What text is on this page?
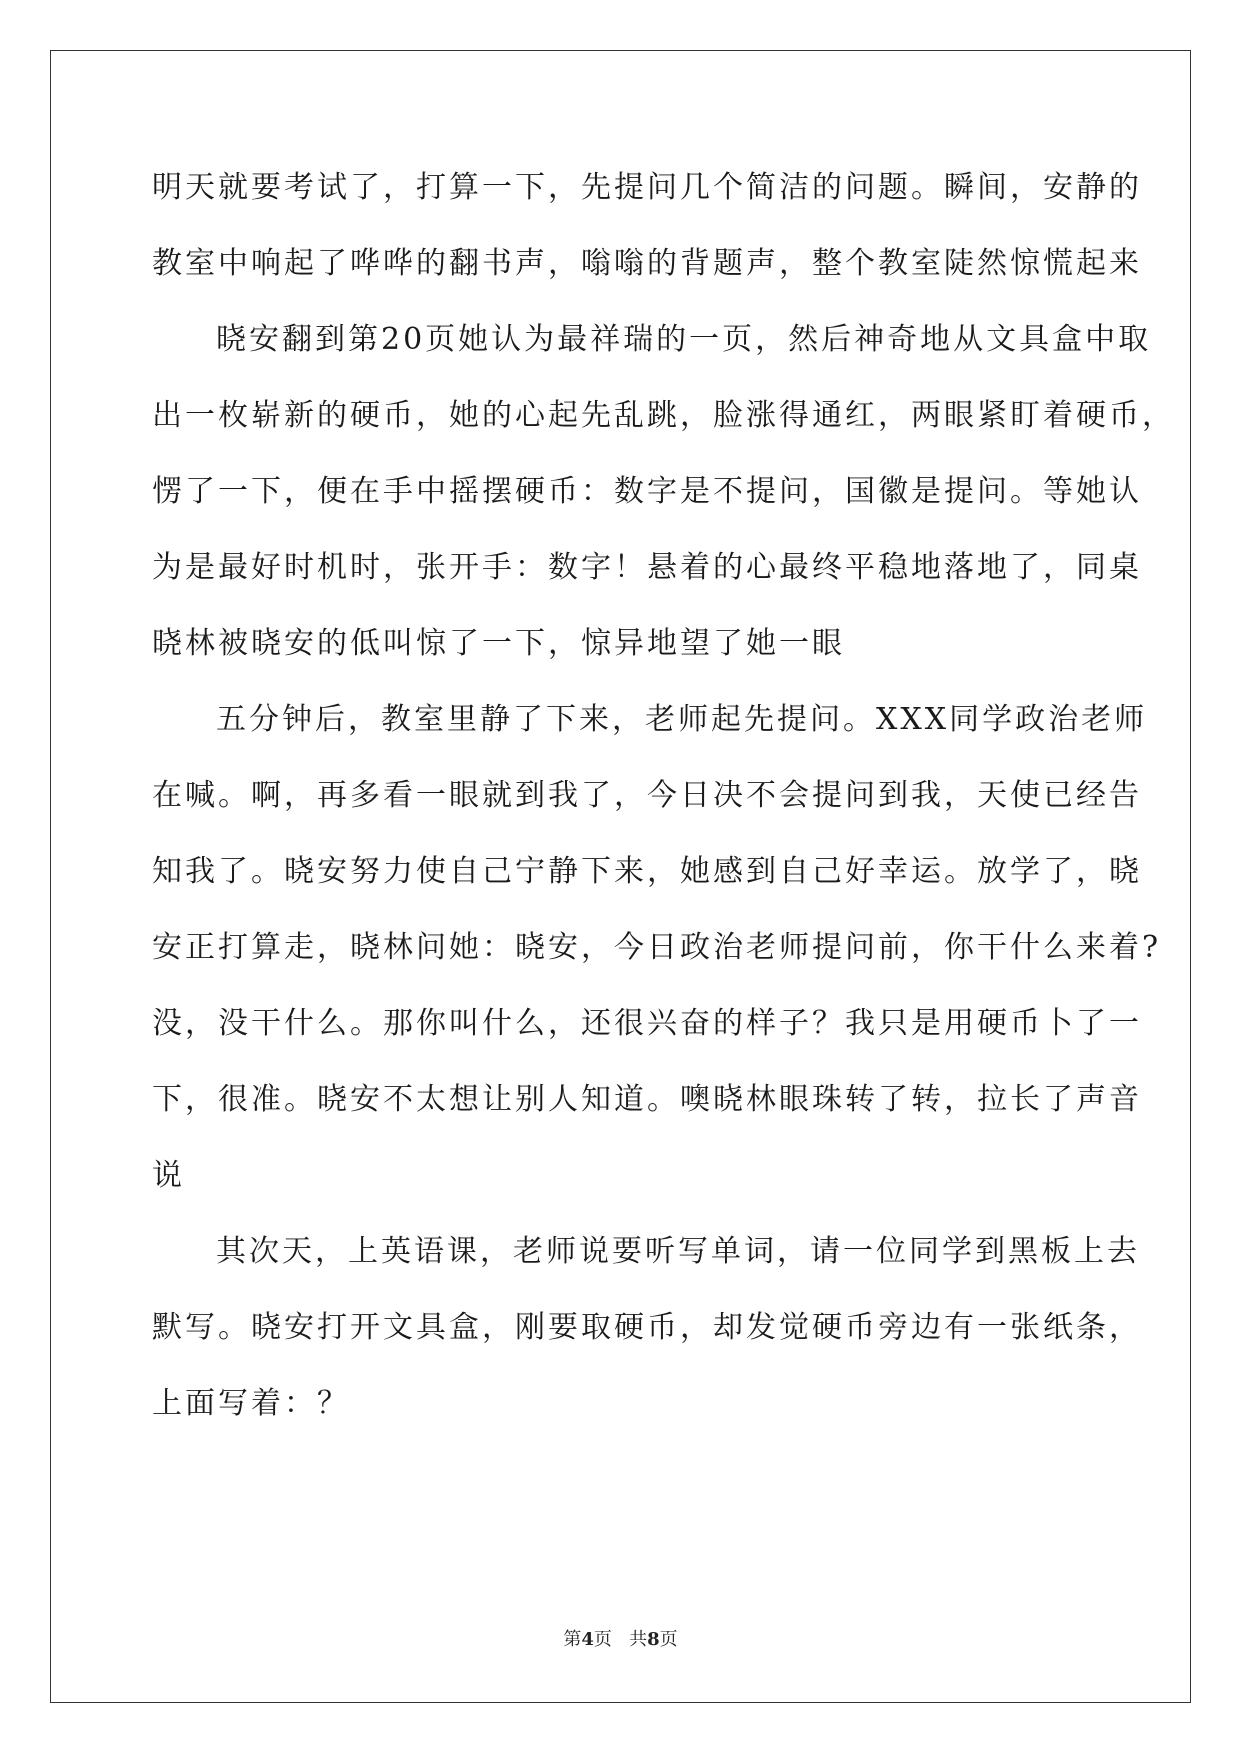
明天就要考试了，打算一下，先提问几个简洁的问题。瞬间，安静的
教室中响起了哗哗的翻书声，嗡嗡的背题声，整个教室陡然惊慌起来
晓安翻到第20页她认为最祥瑞的一页，然后神奇地从文具盒中取
出一枚崭新的硬币，她的心起先乱跳，脸涨得通红，两眼紧盯着硬币，
愣了一下，便在手中摇摆硬币：数字是不提问，国徽是提问。等她认
为是最好时机时，张开手：数字！悬着的心最终平稳地落地了，同桌
晓林被晓安的低叫惊了一下，惊异地望了她一眼
五分钟后，教室里静了下来，老师起先提问。XXX同学政治老师
在喊。啊，再多看一眼就到我了，今日决不会提问到我，天使已经告
知我了。晓安努力使自己宁静下来，她感到自己好幸运。放学了，晓
安正打算走，晓林问她：晓安，今日政治老师提问前，你干什么来着?
没，没干什么。那你叫什么，还很兴奋的样子？我只是用硬币卜了一
下，很准。晓安不太想让别人知道。噢晓林眼珠转了转，拉长了声音
说
其次天，上英语课，老师说要听写单词，请一位同学到黑板上去
默写。晓安打开文具盒，刚要取硬币，却发觉硬币旁边有一张纸条，
上面写着：？
第4页 共8页
